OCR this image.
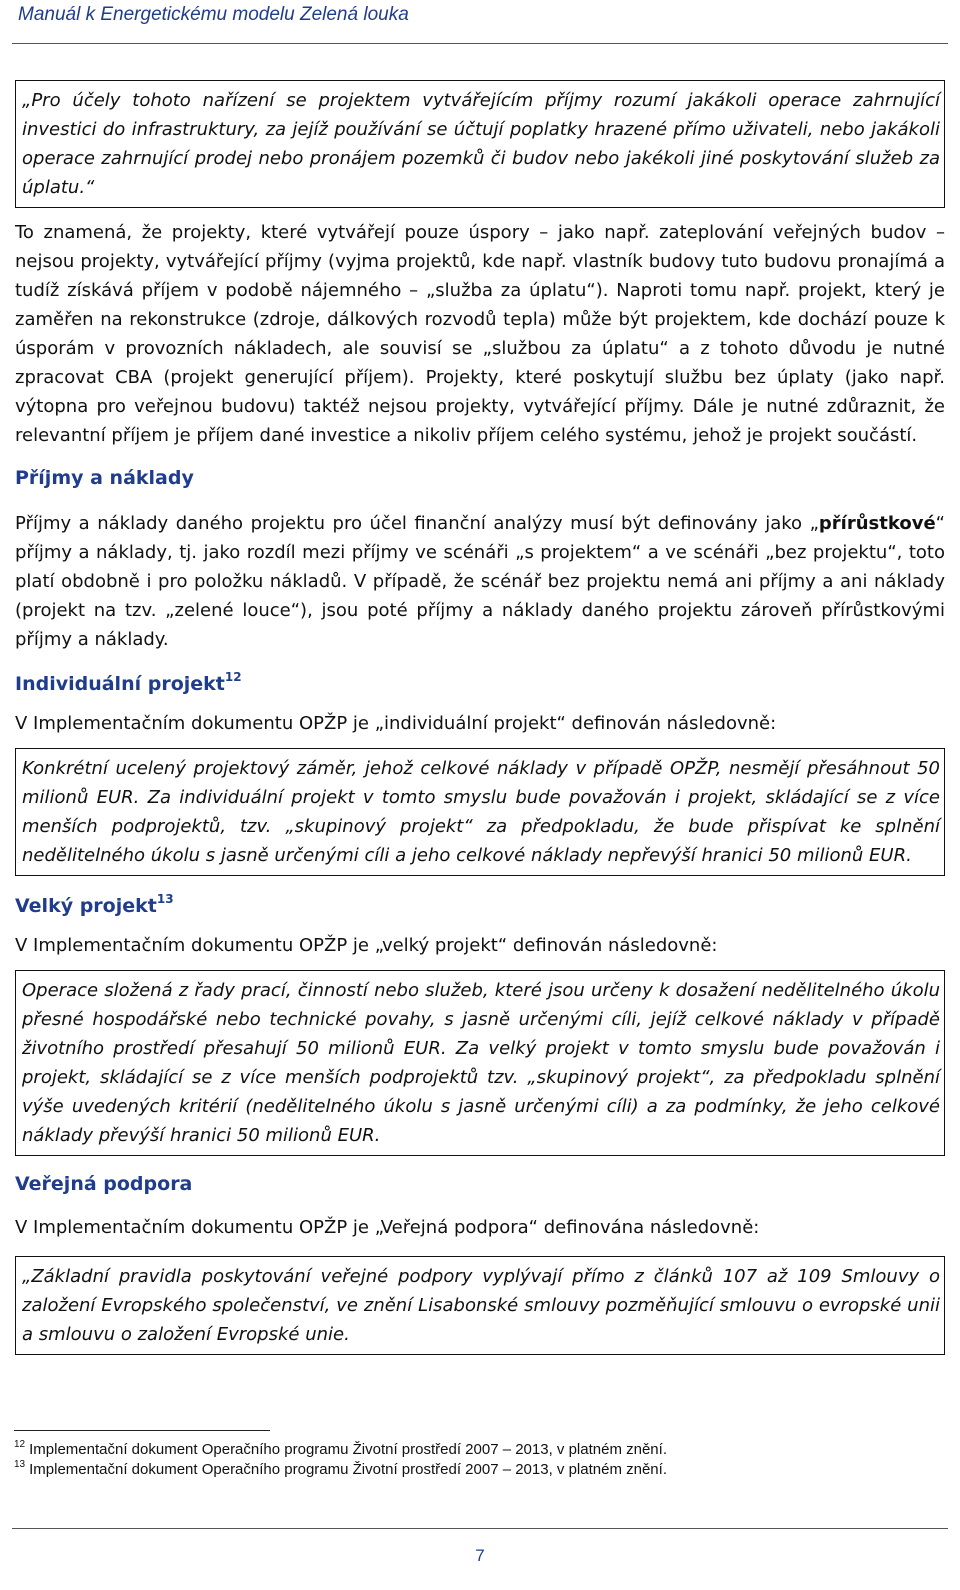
Manuál k Energetickému modelu Zelená louka
„Pro účely tohoto nařízení se projektem vytvářejícím příjmy rozumí jakákoli operace zahrnující investici do infrastruktury, za jejíž používání se účtují poplatky hrazené přímo uživateli, nebo jakákoli operace zahrnující prodej nebo pronájem pozemků či budov nebo jakékoli jiné poskytování služeb za úplatu.“

To znamená, že projekty, které vytvářejí pouze úspory – jako např. zateplování veřejných budov – nejsou projekty, vytvářející příjmy (vyjma projektů, kde např. vlastník budovy tuto budovu pronajímá a tudíž získává příjem v podobě nájemného – „služba za úplatu“). Naproti tomu např. projekt, který je zaměřen na rekonstrukce (zdroje, dálkových rozvodů tepla) může být projektem, kde dochází pouze k úsporám v provozních nákladech, ale souvisí se „službou za úplatu“ a z tohoto důvodu je nutné zpracovat CBA (projekt generující příjem). Projekty, které poskytují službu bez úplaty (jako např. výtopna pro veřejnou budovu) taktéž nejsou projekty, vytvářející příjmy. Dále je nutné zdůraznit, že relevantní příjem je příjem dané investice a nikoliv příjem celého systému, jehož je projekt součástí.

Příjmy a náklady

Příjmy a náklady daného projektu pro účel finanční analýzy musí být definovány jako „přírůstkové“ příjmy a náklady, tj. jako rozdíl mezi příjmy ve scénáři „s projektem“ a ve scénáři „bez projektu“, toto platí obdobně i pro položku nákladů. V případě, že scénář bez projektu nemá ani příjmy a ani náklady (projekt na tzv. „zelené louce“), jsou poté příjmy a náklady daného projektu zároveň přírůstkovými příjmy a náklady.

Individuální projekt$^{12}$

V Implementačním dokumentu OPŽP je „individuální projekt“ definován následovně:

Konkrétní ucelený projektový záměr, jehož celkové náklady v případě OPŽP, nesmějí přesáhnout 50 milionů EUR. Za individuální projekt v tomto smyslu bude považován i projekt, skládající se z více menších podprojektů, tzv. „skupinový projekt“ za předpokladu, že bude přispívat ke splnění nedělitelného úkolu s jasně určenými cíli a jeho celkové náklady nepřevýší hranici 50 milionů EUR.
Velký projekt$^{13}$

V Implementačním dokumentu OPŽP je „velký projekt“ definován následovně:

Operace složená z řady prací, činností nebo služeb, které jsou určeny k dosažení nedělitelného úkolu přesné hospodářské nebo technické povahy, s jasně určenými cíli, jejíž celkové náklady v případě životního prostředí přesahují 50 milionů EUR. Za velký projekt v tomto smyslu bude považován i projekt, skládající se z více menších podprojektů tzv. „skupinový projekt“, za předpokladu splnění výše uvedených kritérií (nedělitelného úkolu s jasně určenými cíli) a za podmínky, že jeho celkové náklady převýší hranici 50 milionů EUR.
Veřejná podpora

V Implementačním dokumentu OPŽP je „Veřejná podpora“ definována následovně:

„Základní pravidla poskytování veřejné podpory vyplývají přímo z článků 107 až 109 Smlouvy o založení Evropského společenství, ve znění Lisabonské smlouvy pozměňující smlouvu o evropské unii a smlouvu o založení Evropské unie.

$^{12}$ Implementační dokument Operačního programu Životní prostředí 2007 – 2013, v platném znění.

$^{13}$ Implementační dokument Operačního programu Životní prostředí 2007 – 2013, v platném znění.

7
